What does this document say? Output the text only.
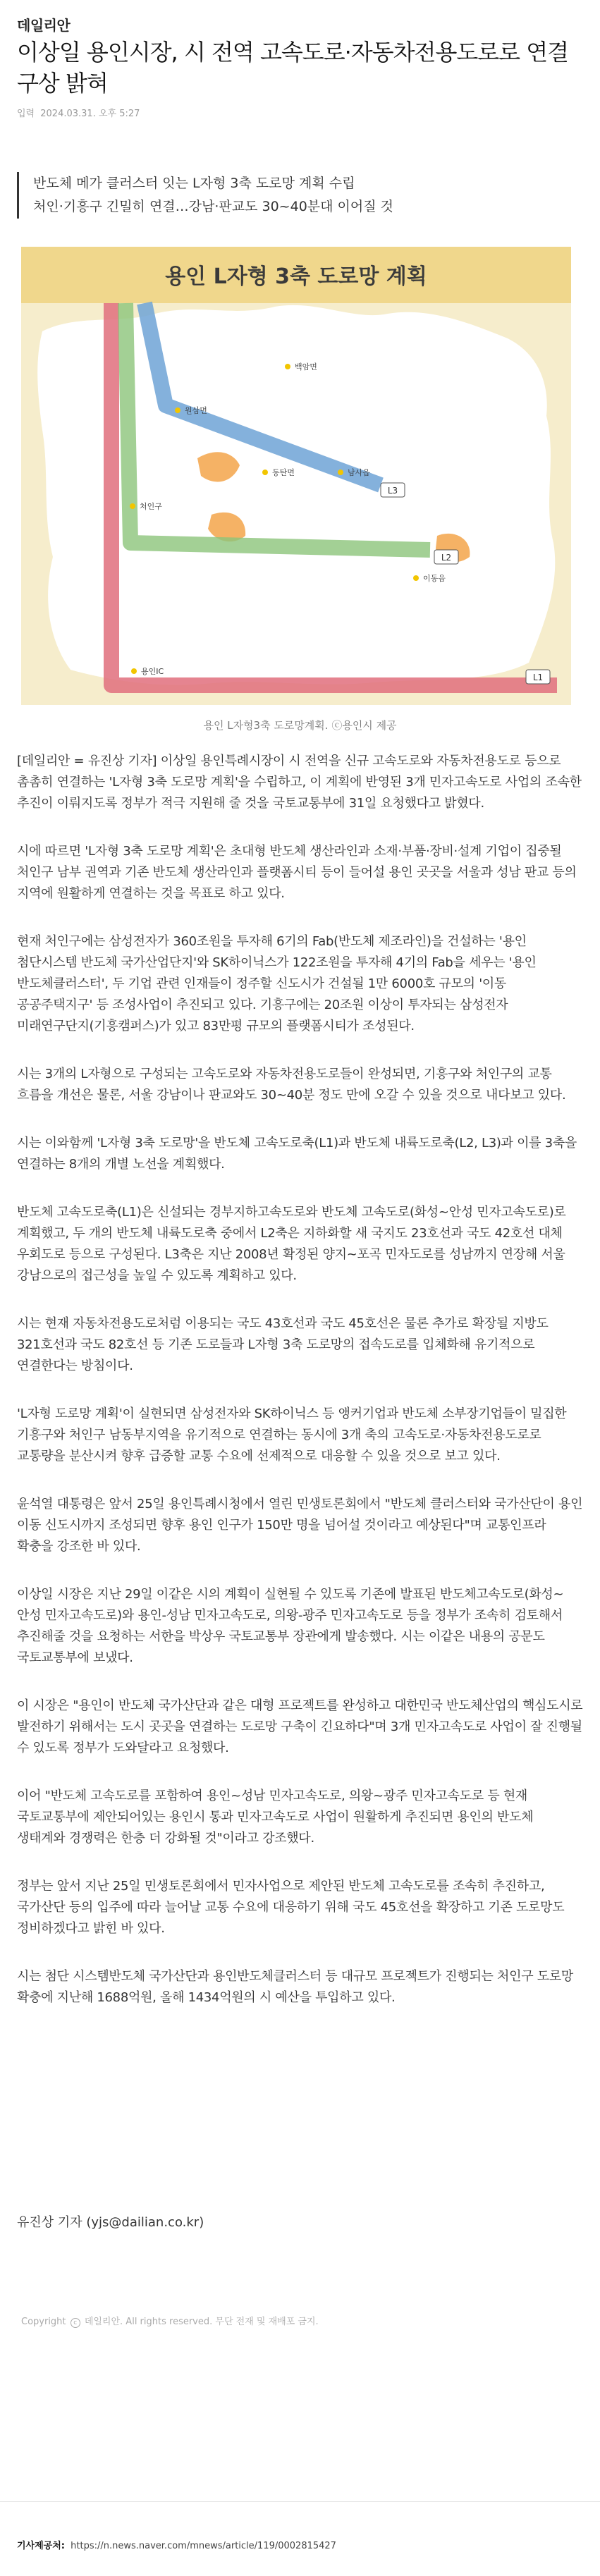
데일리안
이상일 용인시장, 시 전역 고속도로·자동차전용도로로 연결 구상 밝혀
입력 2024.03.31. 오후 5:27

반도체 메가 클러스터 잇는 L자형 3축 도로망 계획 수립

처인·기흥구 긴밀히 연결…강남·판교도 30~40분대 이어질 것

용인 L자형 3축 도로망 계획
L3
L2
L1
백암면
원삼면
처인구
남사읍
동탄면
이동읍
용인IC
용인 L자형3축 도로망계획. ⓒ용인시 제공

[데일리안 = 유진상 기자] 이상일 용인특례시장이 시 전역을 신규 고속도로와 자동차전용도로 등으로 촘촘히 연결하는 'L자형 3축 도로망 계획'을 수립하고, 이 계획에 반영된 3개 민자고속도로 사업의 조속한 추진이 이뤄지도록 정부가 적극 지원해 줄 것을 국토교통부에 31일 요청했다고 밝혔다.

시에 따르면 'L자형 3축 도로망 계획'은 초대형 반도체 생산라인과 소재·부품·장비·설계 기업이 집중될 처인구 남부 권역과 기존 반도체 생산라인과 플랫폼시티 등이 들어설 용인 곳곳을 서울과 성남 판교 등의 지역에 원활하게 연결하는 것을 목표로 하고 있다.

현재 처인구에는 삼성전자가 360조원을 투자해 6기의 Fab(반도체 제조라인)을 건설하는 '용인 첨단시스템 반도체 국가산업단지'와 SK하이닉스가 122조원을 투자해 4기의 Fab을 세우는 '용인 반도체클러스터', 두 기업 관련 인재들이 정주할 신도시가 건설될 1만 6000호 규모의 '이동 공공주택지구' 등 조성사업이 추진되고 있다. 기흥구에는 20조원 이상이 투자되는 삼성전자 미래연구단지(기흥캠퍼스)가 있고 83만평 규모의 플랫폼시티가 조성된다.

시는 3개의 L자형으로 구성되는 고속도로와 자동차전용도로들이 완성되면, 기흥구와 처인구의 교통 흐름을 개선은 물론, 서울 강남이나 판교와도 30~40분 정도 만에 오갈 수 있을 것으로 내다보고 있다.

시는 이와함께 'L자형 3축 도로망'을 반도체 고속도로축(L1)과 반도체 내륙도로축(L2, L3)과 이를 3축을 연결하는 8개의 개별 노선을 계획했다.

반도체 고속도로축(L1)은 신설되는 경부지하고속도로와 반도체 고속도로(화성~안성 민자고속도로)로 계획했고, 두 개의 반도체 내륙도로축 중에서 L2축은 지하화할 새 국지도 23호선과 국도 42호선 대체 우회도로 등으로 구성된다. L3축은 지난 2008년 확정된 양지~포곡 민자도로를 성남까지 연장해 서울 강남으로의 접근성을 높일 수 있도록 계획하고 있다.

시는 현재 자동차전용도로처럼 이용되는 국도 43호선과 국도 45호선은 물론 추가로 확장될 지방도 321호선과 국도 82호선 등 기존 도로들과 L자형 3축 도로망의 접속도로를 입체화해 유기적으로 연결한다는 방침이다.

'L자형 도로망 계획'이 실현되면 삼성전자와 SK하이닉스 등 앵커기업과 반도체 소부장기업들이 밀집한 기흥구와 처인구 남동부지역을 유기적으로 연결하는 동시에 3개 축의 고속도로·자동차전용도로로 교통량을 분산시켜 향후 급증할 교통 수요에 선제적으로 대응할 수 있을 것으로 보고 있다.

윤석열 대통령은 앞서 25일 용인특례시청에서 열린 민생토론회에서 "반도체 클러스터와 국가산단이 용인 이동 신도시까지 조성되면 향후 용인 인구가 150만 명을 넘어설 것이라고 예상된다"며 교통인프라 확충을 강조한 바 있다.

이상일 시장은 지난 29일 이같은 시의 계획이 실현될 수 있도록 기존에 발표된 반도체고속도로(화성~안성 민자고속도로)와 용인-성남 민자고속도로, 의왕-광주 민자고속도로 등을 정부가 조속히 검토해서 추진해줄 것을 요청하는 서한을 박상우 국토교통부 장관에게 발송했다. 시는 이같은 내용의 공문도 국토교통부에 보냈다.

이 시장은 "용인이 반도체 국가산단과 같은 대형 프로젝트를 완성하고 대한민국 반도체산업의 핵심도시로 발전하기 위해서는 도시 곳곳을 연결하는 도로망 구축이 긴요하다"며 3개 민자고속도로 사업이 잘 진행될 수 있도록 정부가 도와달라고 요청했다.

이어 "반도체 고속도로를 포함하여 용인~성남 민자고속도로, 의왕~광주 민자고속도로 등 현재 국토교통부에 제안되어있는 용인시 통과 민자고속도로 사업이 원활하게 추진되면 용인의 반도체 생태계와 경쟁력은 한층 더 강화될 것"이라고 강조했다.

정부는 앞서 지난 25일 민생토론회에서 민자사업으로 제안된 반도체 고속도로를 조속히 추진하고, 국가산단 등의 입주에 따라 늘어날 교통 수요에 대응하기 위해 국도 45호선을 확장하고 기존 도로망도 정비하겠다고 밝힌 바 있다.

시는 첨단 시스템반도체 국가산단과 용인반도체클러스터 등 대규모 프로젝트가 진행되는 처인구 도로망 확충에 지난해 1688억원, 올해 1434억원의 시 예산을 투입하고 있다.

유진상 기자 (yjs@dailian.co.kr)
Copyright c 데일리안. All rights reserved. 무단 전재 및 재배포 금지.
기사제공처: https://n.news.naver.com/mnews/article/119/0002815427
